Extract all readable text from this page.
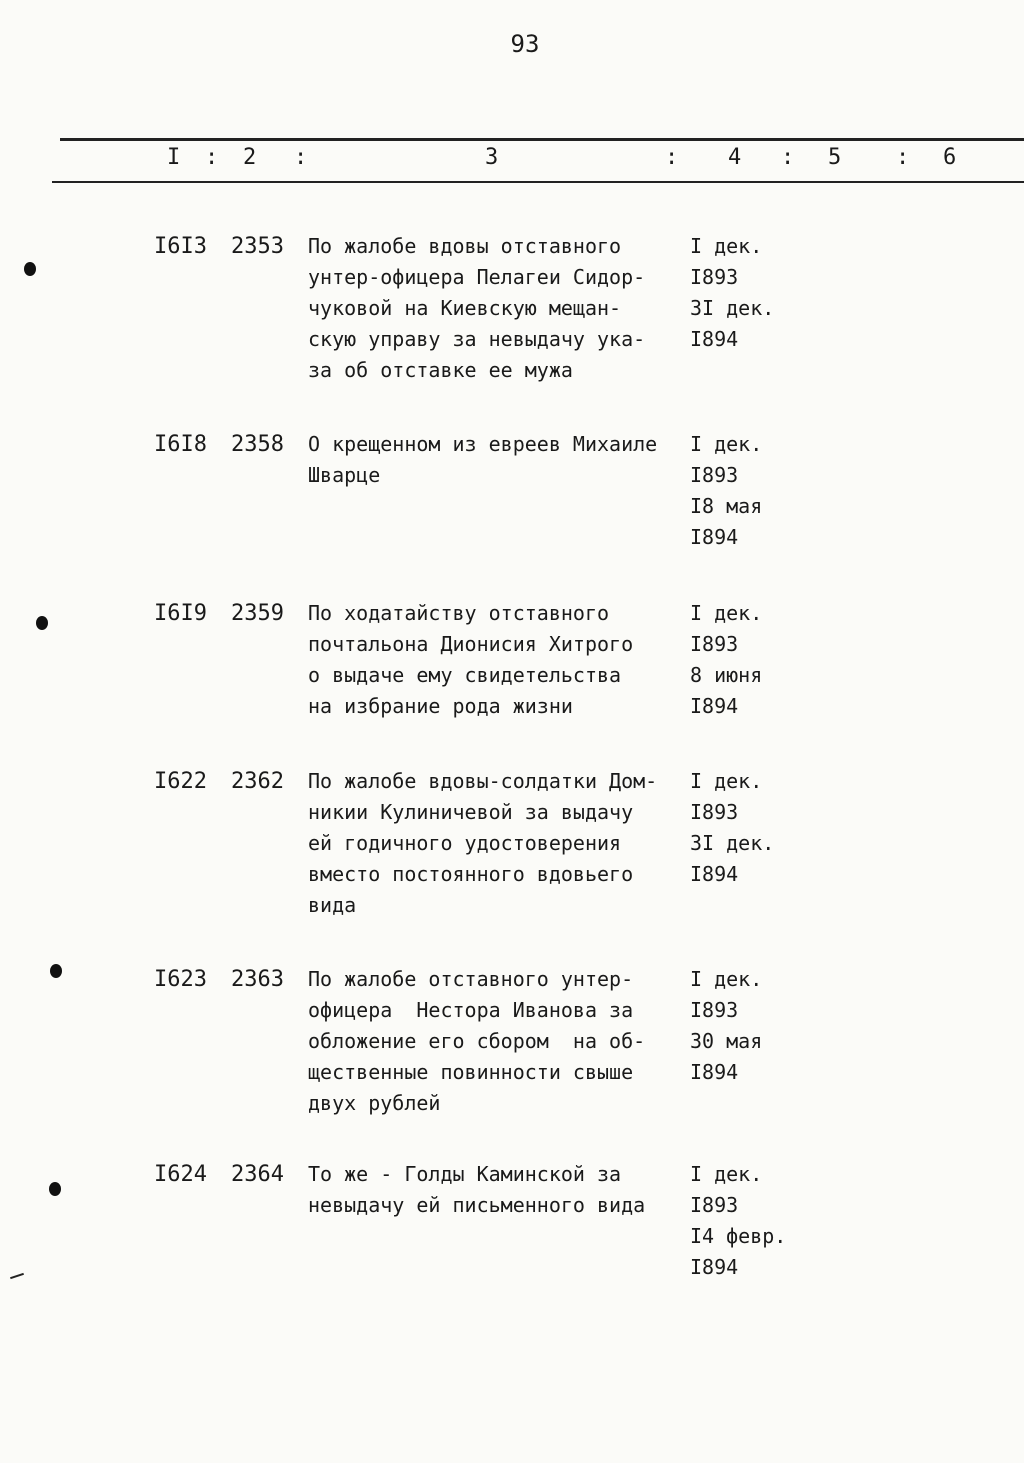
93
I : 2 :	3	: 4 : 5 : 6
I6I3 2353 По жалобе вдовы отставного
унтер-офицера Пелагеи Сидор-
чуковой на Киевскую мещан-
скую управу за невыдачу ука-
за об отставке ее мужа
I дек.
I893
3I дек.
I894
I6I8 2358 О крещенном из евреев Михаиле
Шварце
I дек.
I893
I8 мая
I894
I6I9 2359 По ходатайству отставного
почтальона Дионисия Хитрого
о выдаче ему свидетельства
на избрание рода жизни
I дек.
I893
8 июня
I894
I622 2362 По жалобе вдовы-солдатки Дом-
никии Кулиничевой за выдачу
ей годичного удостоверения
вместо постоянного вдовьего
вида
I дек.
I893
3I дек.
I894
I623 2363 По жалобе отставного унтер-
офицера  Нестора Иванова за
обложение его сбором  на об-
щественные повинности свыше
двух рублей
I дек.
I893
30 мая
I894
I624 2364 То же - Голды Каминской за
невыдачу ей письменного вида
I дек.
I893
I4 февр.
I894
